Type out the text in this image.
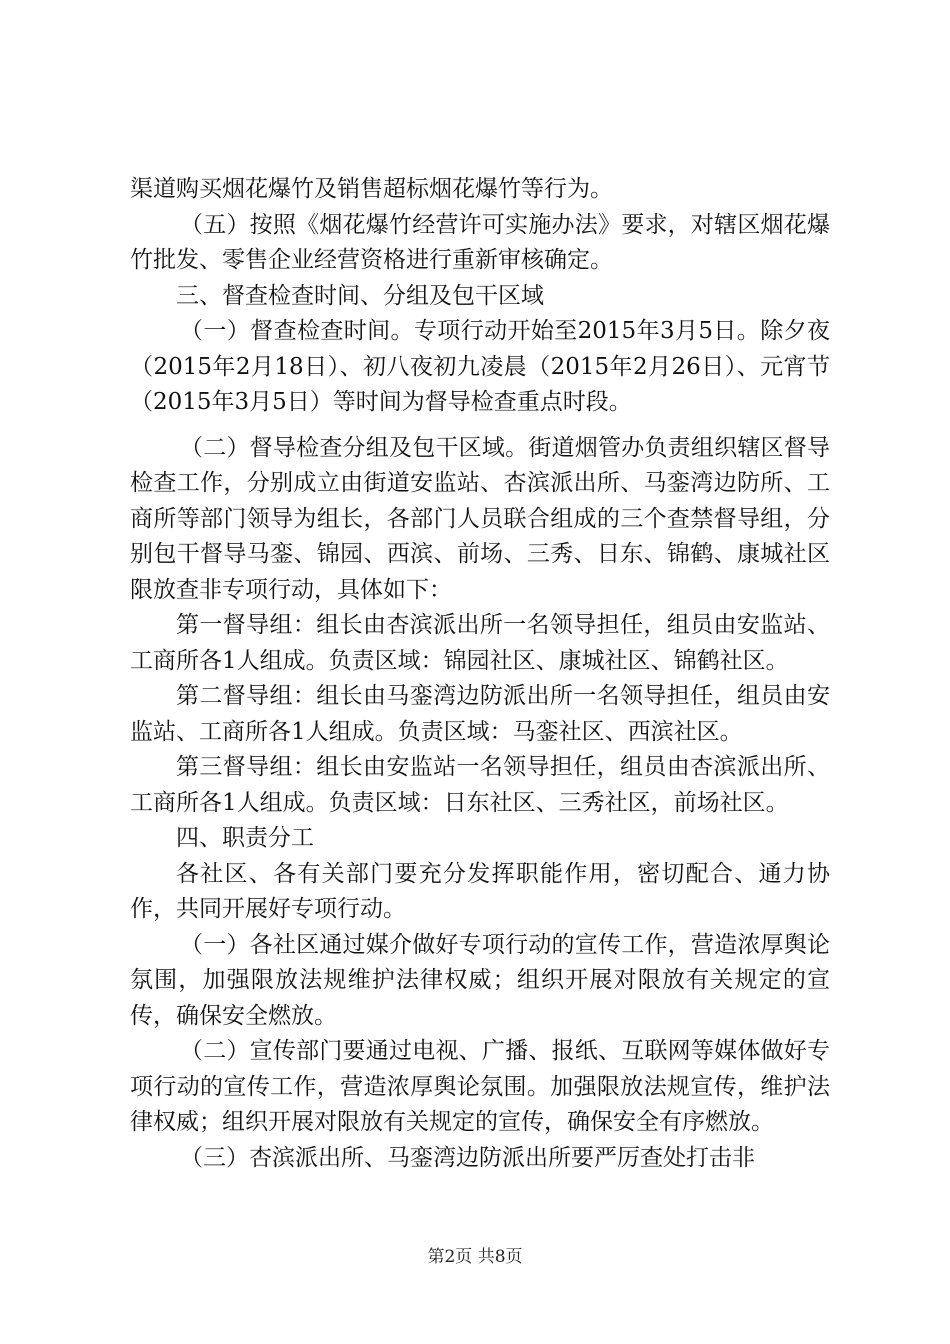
渠道购买烟花爆竹及销售超标烟花爆竹等行为。

（五）按照《烟花爆竹经营许可实施办法》要求，对辖区烟花爆竹批发、零售企业经营资格进行重新审核确定。

三、督查检查时间、分组及包干区域

（一）督查检查时间。专项行动开始至2015年3月5日。除夕夜（2015年2月18日）、初八夜初九凌晨（2015年2月26日）、元宵节（2015年3月5日）等时间为督导检查重点时段。

（二）督导检查分组及包干区域。街道烟管办负责组织辖区督导检查工作，分别成立由街道安监站、杏滨派出所、马銮湾边防所、工商所等部门领导为组长，各部门人员联合组成的三个查禁督导组，分别包干督导马銮、锦园、西滨、前场、三秀、日东、锦鹤、康城社区限放查非专项行动，具体如下：

第一督导组：组长由杏滨派出所一名领导担任，组员由安监站、工商所各1人组成。负责区域：锦园社区、康城社区、锦鹤社区。

第二督导组：组长由马銮湾边防派出所一名领导担任，组员由安监站、工商所各1人组成。负责区域：马銮社区、西滨社区。

第三督导组：组长由安监站一名领导担任，组员由杏滨派出所、工商所各1人组成。负责区域：日东社区、三秀社区，前场社区。

四、职责分工

各社区、各有关部门要充分发挥职能作用，密切配合、通力协作，共同开展好专项行动。

（一）各社区通过媒介做好专项行动的宣传工作，营造浓厚舆论氛围，加强限放法规维护法律权威；组织开展对限放有关规定的宣传，确保安全燃放。

（二）宣传部门要通过电视、广播、报纸、互联网等媒体做好专项行动的宣传工作，营造浓厚舆论氛围。加强限放法规宣传，维护法律权威；组织开展对限放有关规定的宣传，确保安全有序燃放。

（三）杏滨派出所、马銮湾边防派出所要严厉查处打击非

第2页 共8页
